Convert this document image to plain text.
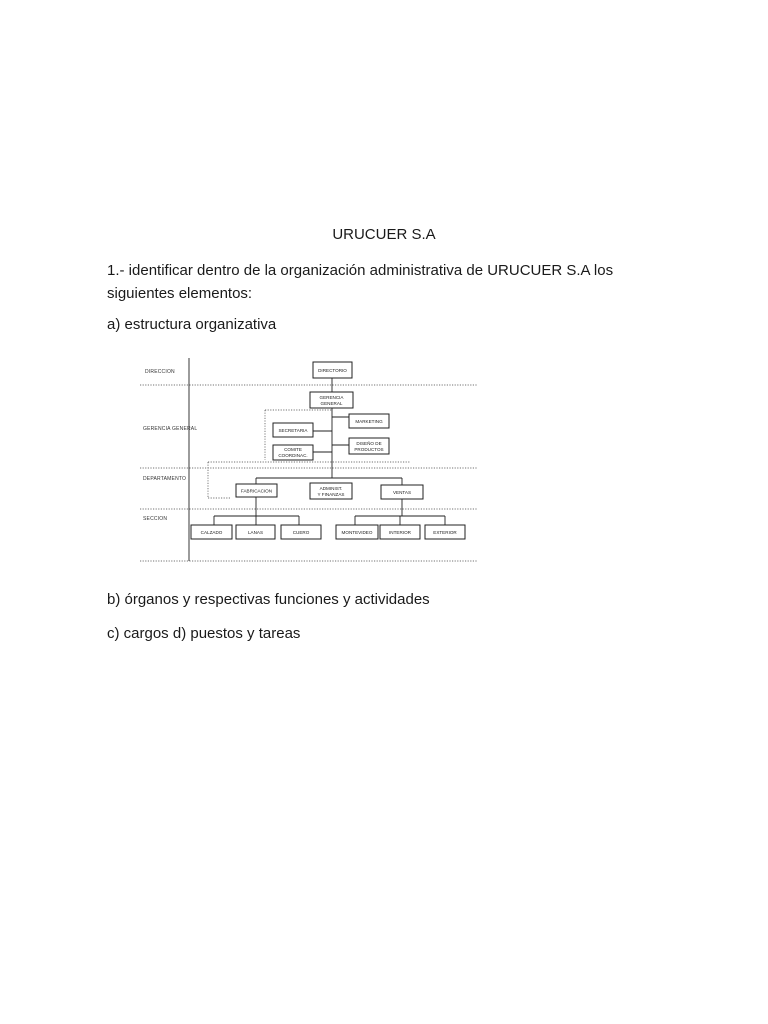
URUCUER S.A

1.- identificar dentro de la organización administrativa de URUCUER S.A los siguientes elementos:

a) estructura organizativa

DIRECCION
GERENCIA GENERAL
DEPARTAMENTO
SECCION
DIRECTORIO
GERENCIA
GENERAL
SECRETARIA
MARKETING
COMITE
COORDINAC.
DISEÑO DE
PRODUCTOS
FABRICACION	ADMINIST.
Y FINANZAS	VENTAS
CALZADO	LANAS	CUERO	MONTEVIDEO	INTERIOR	EXTERIOR

b) órganos y respectivas funciones y actividades

c) cargos d) puestos y tareas
